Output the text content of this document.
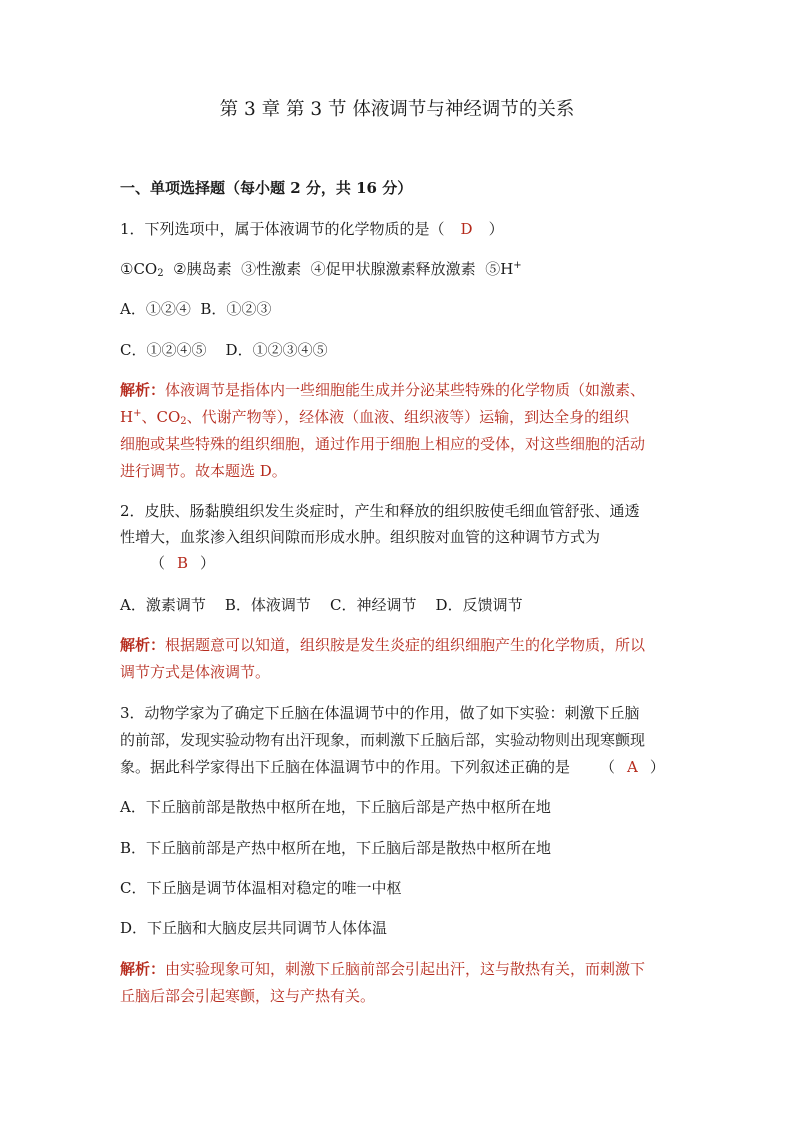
第 3 章 第 3 节 体液调节与神经调节的关系
一、单项选择题（每小题 2 分，共 16 分）
1．下列选项中，属于体液调节的化学物质的是（ D ）
$①CO_2$  ②胰岛素  ③性激素  ④促甲状腺激素释放激素  ⑤H+
A．①②④  B．①②③
C．①②④⑤    D．①②③④⑤
解析：体液调节是指体内一些细胞能生成并分泌某些特殊的化学物质（如激素、
H+、$CO_2$、代谢产物等），经体液（血液、组织液等）运输，到达全身的组织
细胞或某些特殊的组织细胞，通过作用于细胞上相应的受体，对这些细胞的活动
进行调节。故本题选 D。
2．皮肤、肠黏膜组织发生炎症时，产生和释放的组织胺使毛细血管舒张、通透
性增大，血浆渗入组织间隙而形成水肿。组织胺对血管的这种调节方式为
（ B ）
A．激素调节    B．体液调节    C．神经调节    D．反馈调节
解析：根据题意可以知道，组织胺是发生炎症的组织细胞产生的化学物质，所以
调节方式是体液调节。
3．动物学家为了确定下丘脑在体温调节中的作用，做了如下实验：刺激下丘脑
的前部，发现实验动物有出汗现象，而刺激下丘脑后部，实验动物则出现寒颤现
象。据此科学家得出下丘脑在体温调节中的作用。下列叙述正确的是 （ A ）
A．下丘脑前部是散热中枢所在地，下丘脑后部是产热中枢所在地
B．下丘脑前部是产热中枢所在地，下丘脑后部是散热中枢所在地
C．下丘脑是调节体温相对稳定的唯一中枢
D．下丘脑和大脑皮层共同调节人体体温
解析：由实验现象可知，刺激下丘脑前部会引起出汗，这与散热有关，而刺激下
丘脑后部会引起寒颤，这与产热有关。
